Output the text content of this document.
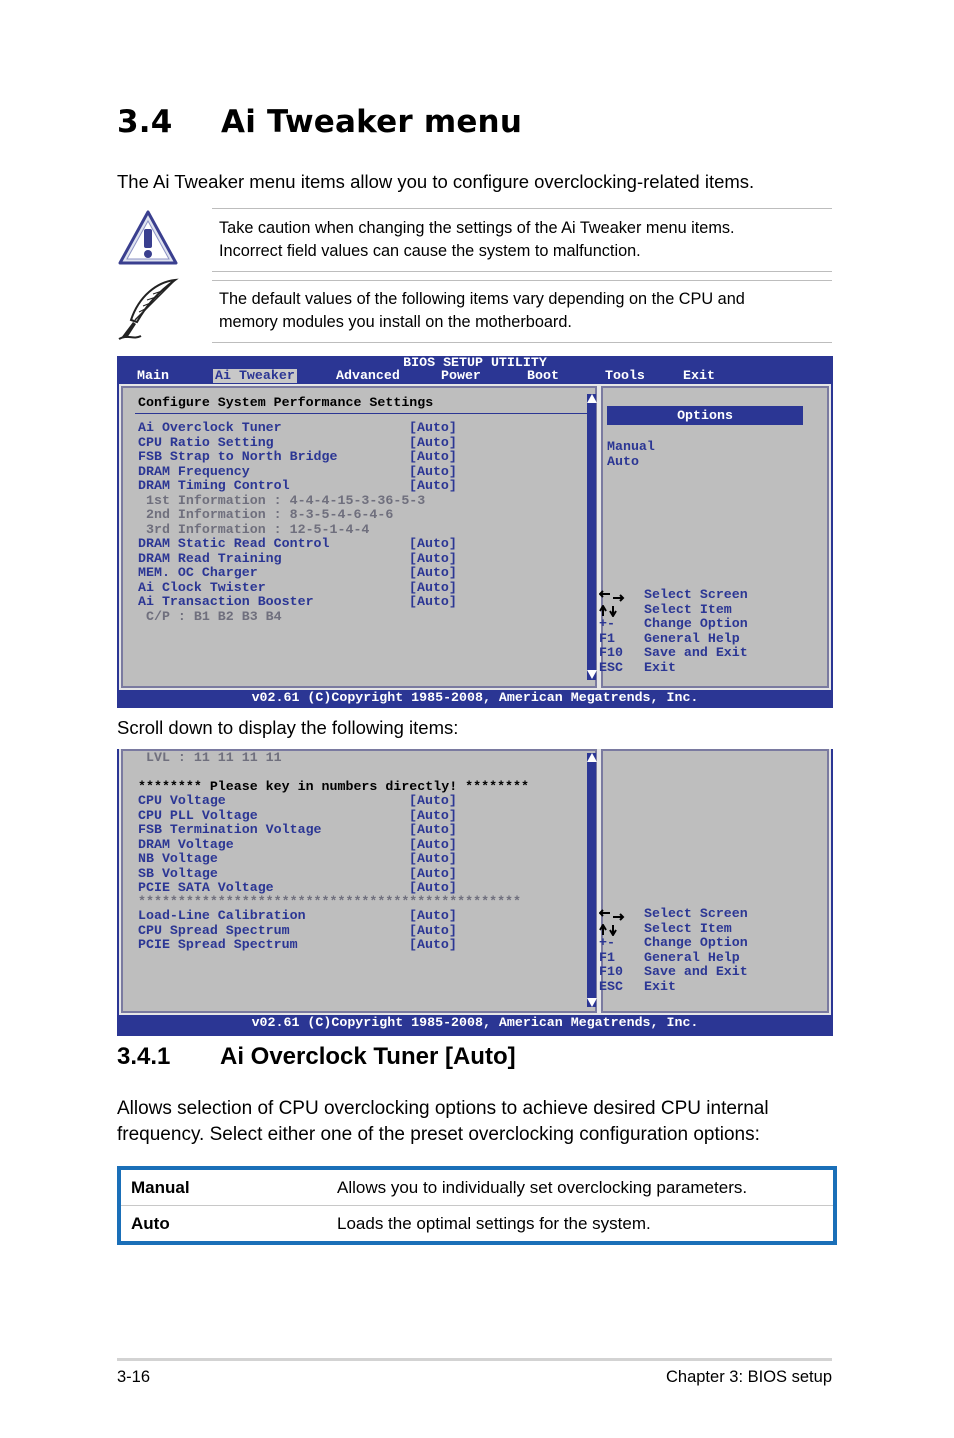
3.4 Ai Tweaker menu
The Ai Tweaker menu items allow you to configure overclocking-related items.
Take caution when changing the settings of the Ai Tweaker menu items.
Incorrect field values can cause the system to malfunction.
The default values of the following items vary depending on the CPU and
memory modules you install on the motherboard.
BIOS SETUP UTILITY
Main	Ai Tweaker	Advanced	Power	Boot	Tools	Exit
Configure System Performance Settings
Ai Overclock Tuner	[Auto]
CPU Ratio Setting	[Auto]
FSB Strap to North Bridge	[Auto]
DRAM Frequency	[Auto]
DRAM Timing Control	[Auto]
1st Information : 4-4-4-15-3-36-5-3
2nd Information : 8-3-5-4-6-4-6
3rd Information : 12-5-1-4-4
DRAM Static Read Control	[Auto]
DRAM Read Training	[Auto]
MEM. OC Charger	[Auto]
Ai Clock Twister	[Auto]
Ai Transaction Booster	[Auto]
C/P : B1 B2 B3 B4
Options
Manual
Auto
Select Screen
Select Item
+- Change Option
F1 General Help
F10 Save and Exit
ESC Exit
v02.61 (C)Copyright 1985-2008, American Megatrends, Inc.
Scroll down to display the following items:
LVL : 11 11 11 11
******** Please key in numbers directly! ********
CPU Voltage	[Auto]
CPU PLL Voltage	[Auto]
FSB Termination Voltage	[Auto]
DRAM Voltage	[Auto]
NB Voltage	[Auto]
SB Voltage	[Auto]
PCIE SATA Voltage	[Auto]
************************************************
Load-Line Calibration	[Auto]
CPU Spread Spectrum	[Auto]
PCIE Spread Spectrum	[Auto]
Select Screen
Select Item
+- Change Option
F1 General Help
F10 Save and Exit
ESC Exit
v02.61 (C)Copyright 1985-2008, American Megatrends, Inc.
3.4.1 Ai Overclock Tuner [Auto]
Allows selection of CPU overclocking options to achieve desired CPU internal frequency. Select either one of the preset overclocking configuration options:
Manual	Allows you to individually set overclocking parameters.
Auto	Loads the optimal settings for the system.
3-16	Chapter 3: BIOS setup
